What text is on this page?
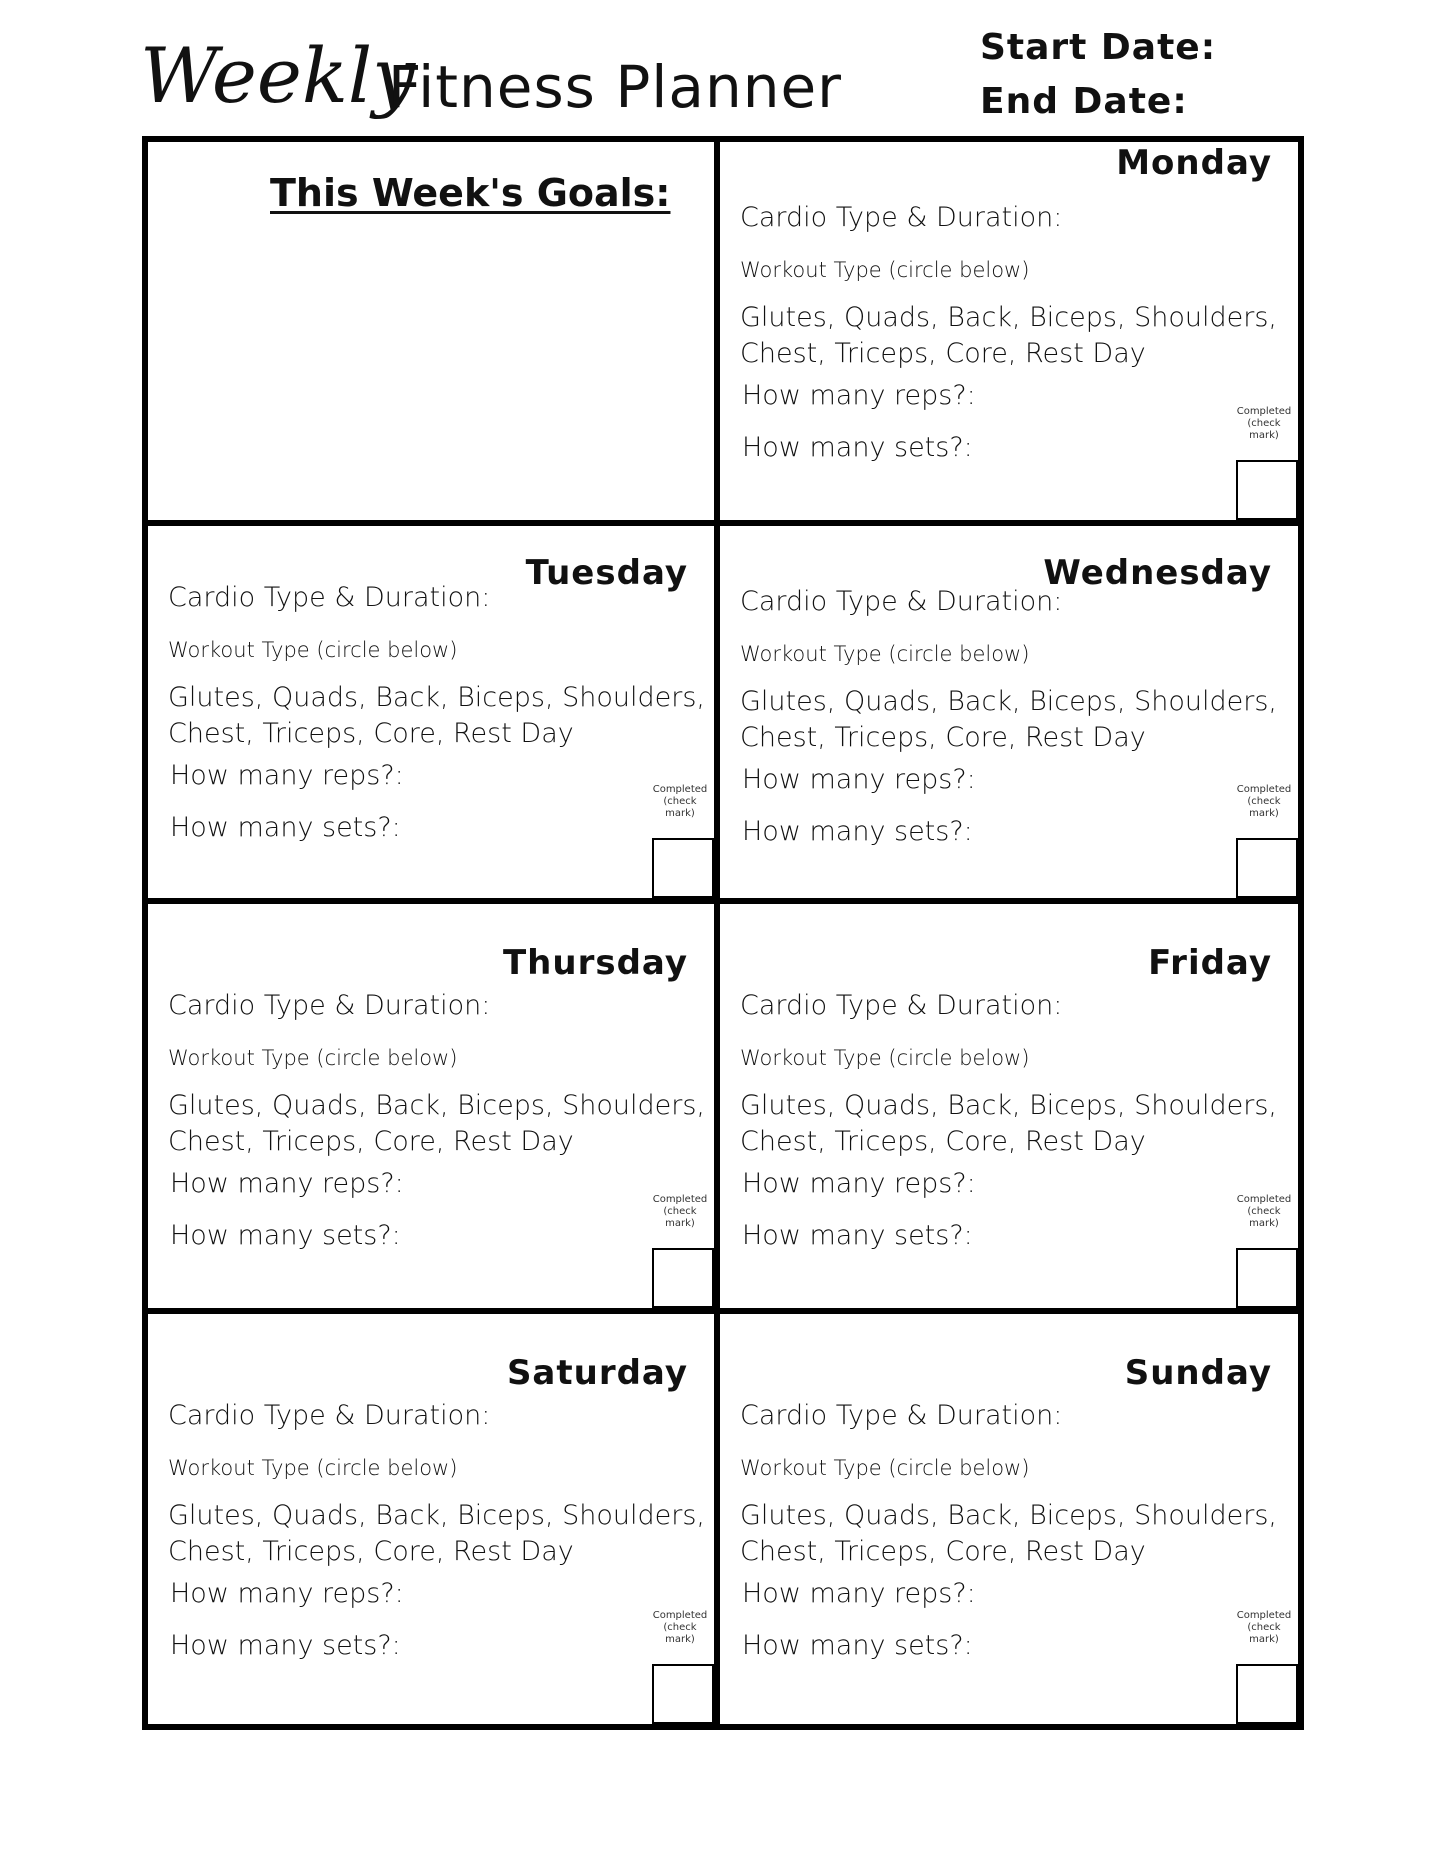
Weekly
Fitness Planner
Start Date:
End Date:
This Week's Goals:
Monday
Cardio Type & Duration:
Workout Type (circle below)
Glutes, Quads, Back, Biceps, Shoulders,
Chest, Triceps, Core, Rest Day
How many reps?:
How many sets?:
Completed
(check mark)
Tuesday
Cardio Type & Duration:
Workout Type (circle below)
Glutes, Quads, Back, Biceps, Shoulders,
Chest, Triceps, Core, Rest Day
How many reps?:
How many sets?:
Completed
(check mark)
Wednesday
Cardio Type & Duration:
Workout Type (circle below)
Glutes, Quads, Back, Biceps, Shoulders,
Chest, Triceps, Core, Rest Day
How many reps?:
How many sets?:
Completed
(check mark)
Thursday
Cardio Type & Duration:
Workout Type (circle below)
Glutes, Quads, Back, Biceps, Shoulders,
Chest, Triceps, Core, Rest Day
How many reps?:
How many sets?:
Completed
(check mark)
Friday
Cardio Type & Duration:
Workout Type (circle below)
Glutes, Quads, Back, Biceps, Shoulders,
Chest, Triceps, Core, Rest Day
How many reps?:
How many sets?:
Completed
(check mark)
Saturday
Cardio Type & Duration:
Workout Type (circle below)
Glutes, Quads, Back, Biceps, Shoulders,
Chest, Triceps, Core, Rest Day
How many reps?:
How many sets?:
Completed
(check mark)
Sunday
Cardio Type & Duration:
Workout Type (circle below)
Glutes, Quads, Back, Biceps, Shoulders,
Chest, Triceps, Core, Rest Day
How many reps?:
How many sets?:
Completed
(check mark)
